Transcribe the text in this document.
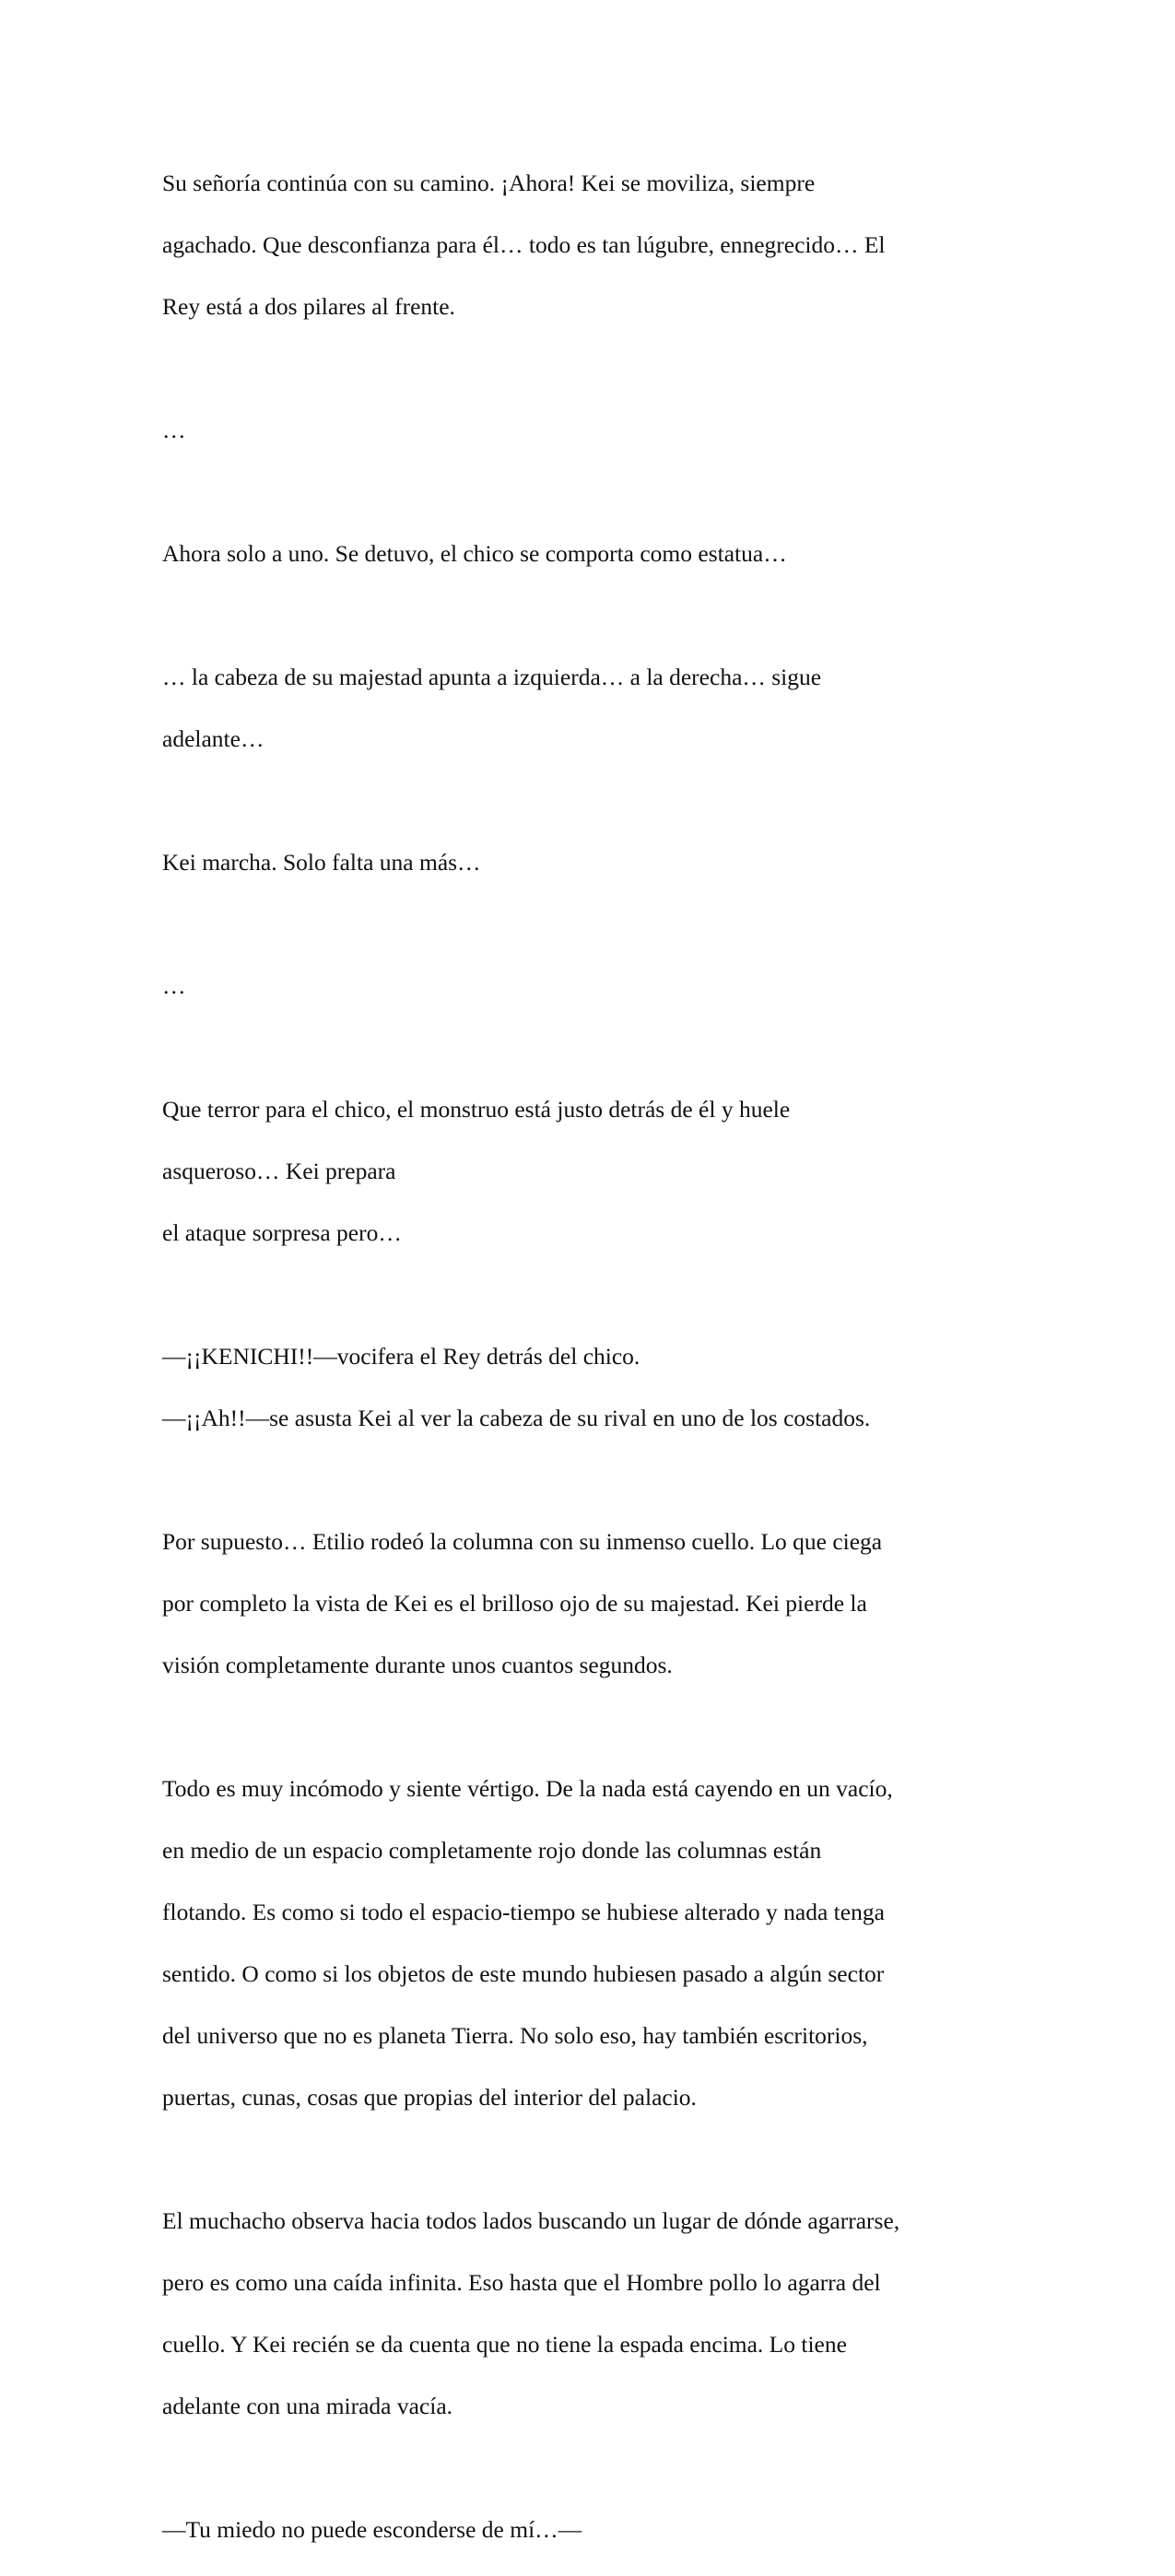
Su señoría continúa con su camino. ¡Ahora! Kei se moviliza, siempre

agachado. Que desconfianza para él… todo es tan lúgubre, ennegrecido… El

Rey está a dos pilares al frente.

…

Ahora solo a uno. Se detuvo, el chico se comporta como estatua…

… la cabeza de su majestad apunta a izquierda… a la derecha… sigue

adelante…

Kei marcha. Solo falta una más…

…

Que terror para el chico, el monstruo está justo detrás de él y huele

asqueroso… Kei prepara

el ataque sorpresa pero…

—¡¡KENICHI!!—vocifera el Rey detrás del chico.

—¡¡Ah!!—se asusta Kei al ver la cabeza de su rival en uno de los costados.

Por supuesto… Etilio rodeó la columna con su inmenso cuello. Lo que ciega

por completo la vista de Kei es el brilloso ojo de su majestad. Kei pierde la

visión completamente durante unos cuantos segundos.

Todo es muy incómodo y siente vértigo. De la nada está cayendo en un vacío,

en medio de un espacio completamente rojo donde las columnas están

flotando. Es como si todo el espacio-tiempo se hubiese alterado y nada tenga

sentido. O como si los objetos de este mundo hubiesen pasado a algún sector

del universo que no es planeta Tierra. No solo eso, hay también escritorios,

puertas, cunas, cosas que propias del interior del palacio.

El muchacho observa hacia todos lados buscando un lugar de dónde agarrarse,

pero es como una caída infinita. Eso hasta que el Hombre pollo lo agarra del

cuello. Y Kei recién se da cuenta que no tiene la espada encima. Lo tiene

adelante con una mirada vacía.

—Tu miedo no puede esconderse de mí…—
